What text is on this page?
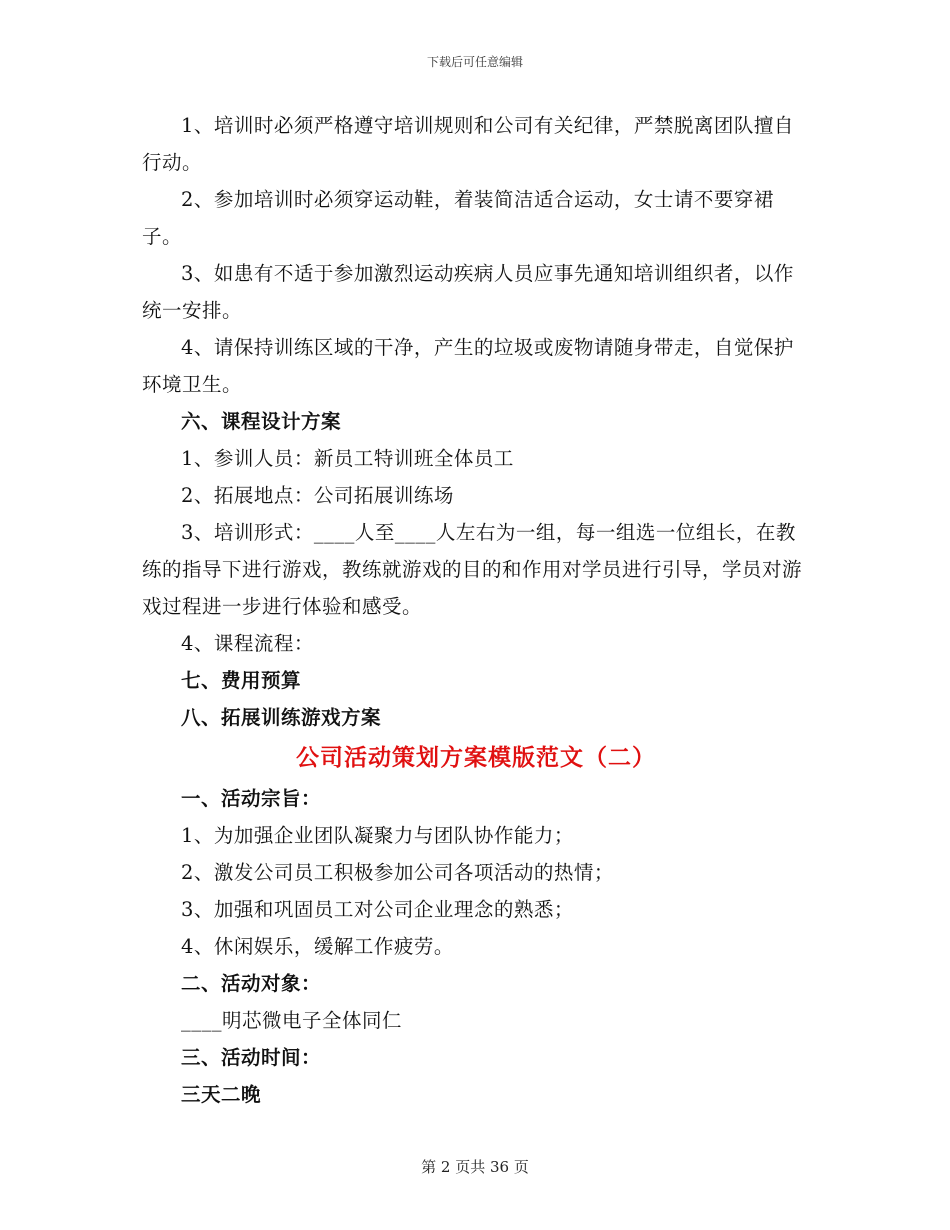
下载后可任意编辑

1、培训时必须严格遵守培训规则和公司有关纪律，严禁脱离团队擅自行动。

2、参加培训时必须穿运动鞋，着装简洁适合运动，女士请不要穿裙子。

3、如患有不适于参加激烈运动疾病人员应事先通知培训组织者，以作统一安排。

4、请保持训练区域的干净，产生的垃圾或废物请随身带走，自觉保护环境卫生。

六、课程设计方案

1、参训人员：新员工特训班全体员工

2、拓展地点：公司拓展训练场

3、培训形式：____人至____人左右为一组，每一组选一位组长，在教练的指导下进行游戏，教练就游戏的目的和作用对学员进行引导，学员对游戏过程进一步进行体验和感受。

4、课程流程：

七、费用预算

八、拓展训练游戏方案

公司活动策划方案模版范文（二）

一、活动宗旨：

1、为加强企业团队凝聚力与团队协作能力；

2、激发公司员工积极参加公司各项活动的热情；

3、加强和巩固员工对公司企业理念的熟悉；

4、休闲娱乐，缓解工作疲劳。

二、活动对象：

____明芯微电子全体同仁

三、活动时间：

三天二晚

第 2 页共 36 页
